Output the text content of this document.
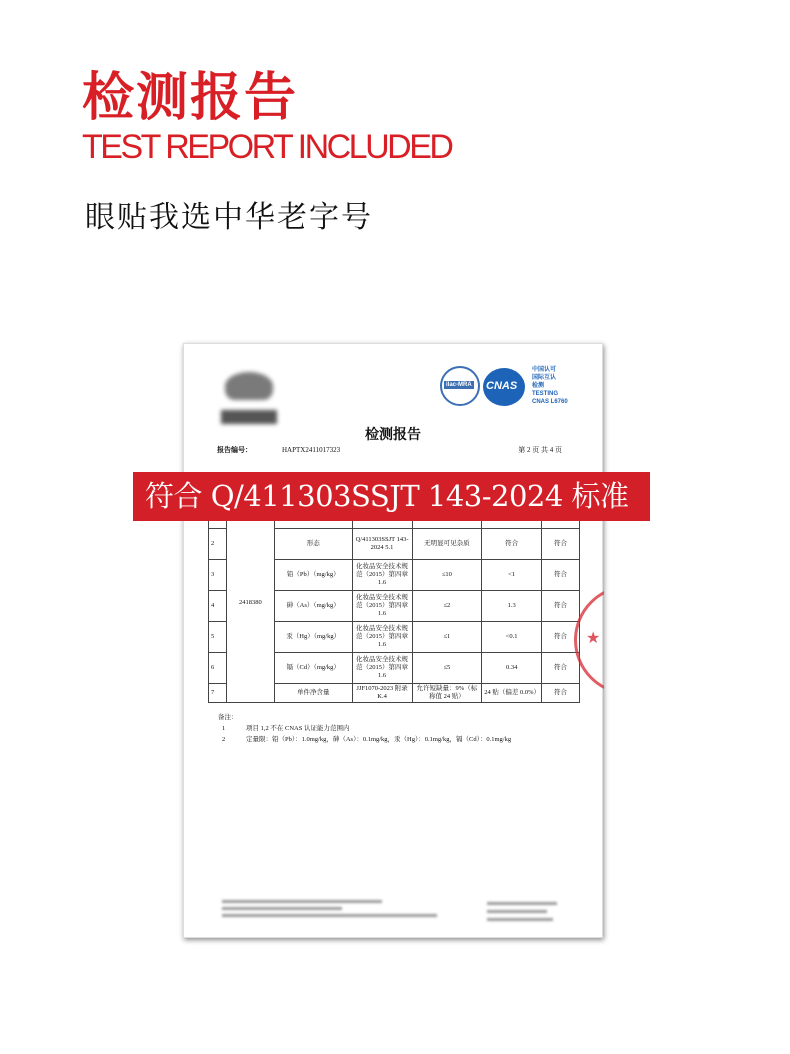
检测报告
TEST REPORT INCLUDED
眼贴我选中华老字号
ilac-MRA CNAS
中国认可
国际互认
检测
TESTING
CNAS L6760
检测报告
报告编号：	HAPTX2411017323	第 2 页 共 4 页
	2418380					
2		形态	Q/411303SSJT 143-2024 5.1	无明显可见杂质	符合	符合
3		铅（Pb）（mg/kg）	化妆品安全技术规范（2015）第四章 1.6	≤10	<1	符合
4		砷（As）（mg/kg）	化妆品安全技术规范（2015）第四章 1.6	≤2	1.3	符合
5		汞（Hg）（mg/kg）	化妆品安全技术规范（2015）第四章 1.6	≤1	<0.1	符合
6		镉（Cd）（mg/kg）	化妆品安全技术规范（2015）第四章 1.6	≤5	0.34	符合
7		单件净含量	JJF1070-2023 附录 K.4	允许短缺量：9%（标称值 24 贴）	24 贴（偏差 0.0%）	符合
备注：
1	项目 1,2 不在 CNAS 认证能力范围内
2	定量限：铅（Pb）：1.0mg/kg，砷（As）：0.1mg/kg，汞（Hg）：0.1mg/kg，镉（Cd）：0.1mg/kg
★
符合 Q/411303SSJT 143-2024 标准
